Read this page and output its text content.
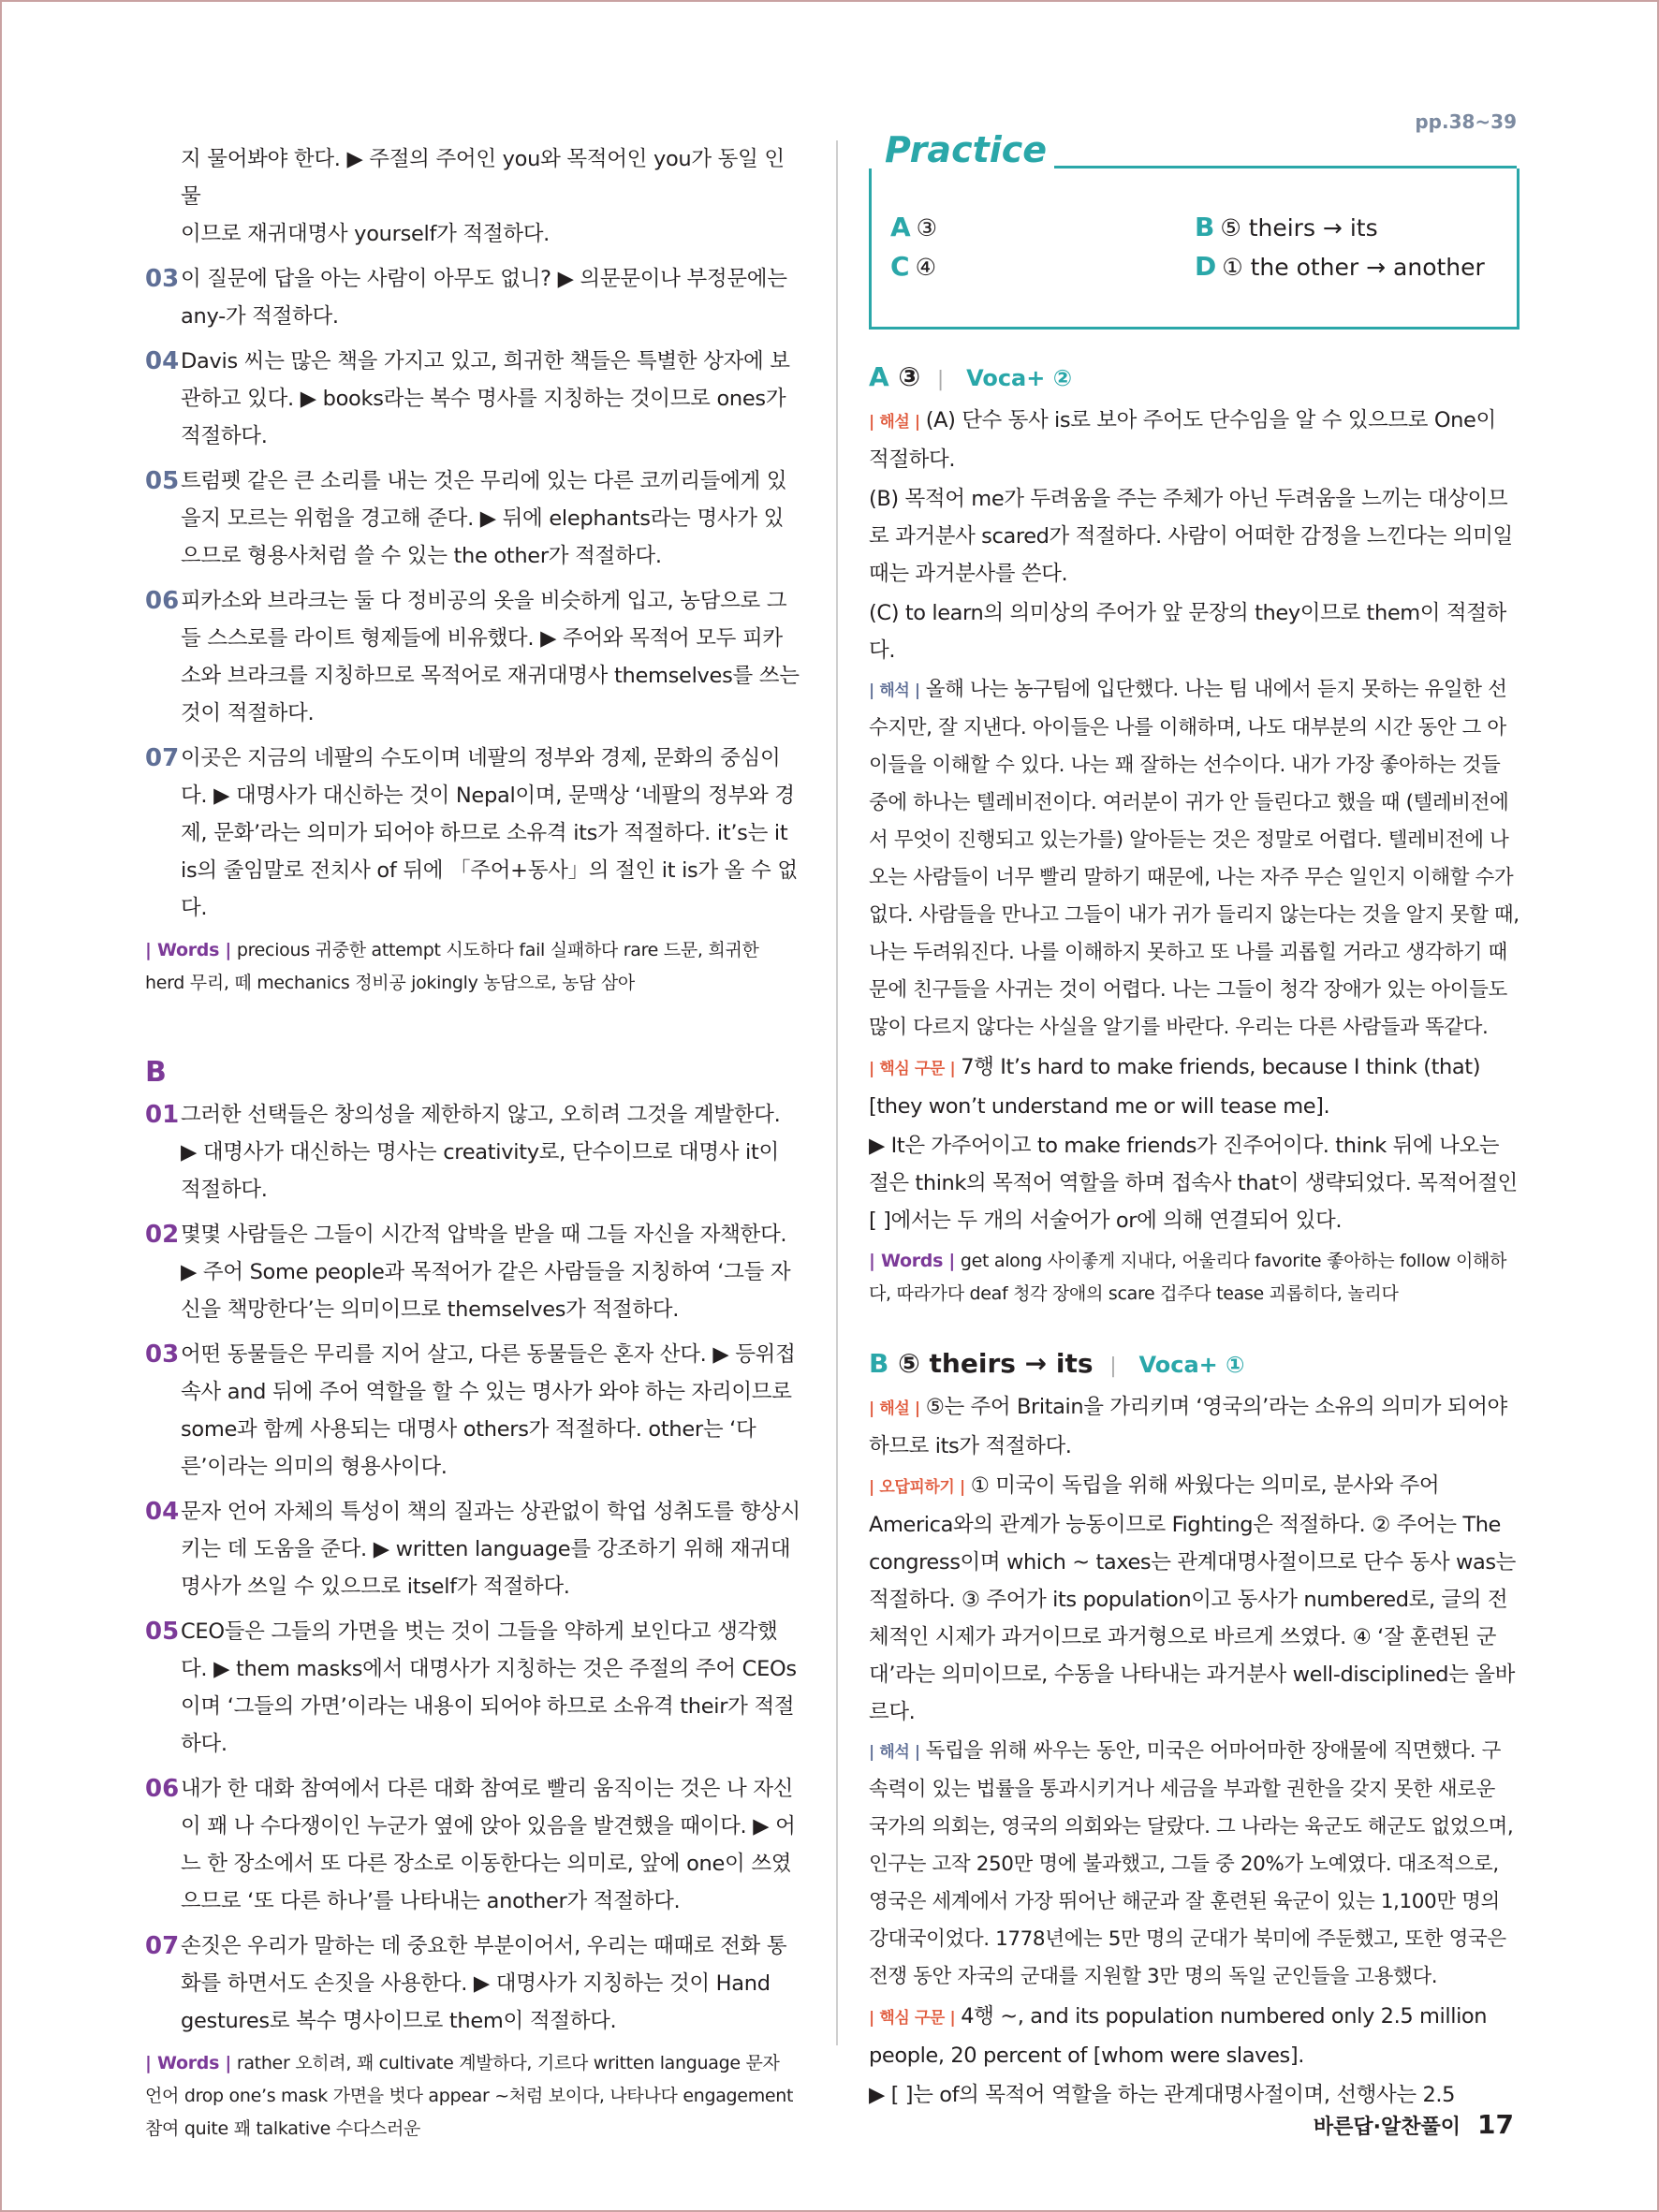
지 물어봐야 한다. ▶ 주절의 주어인 you와 목적어인 you가 동일 인물
이므로 재귀대명사 yourself가 적절하다.
03 이 질문에 답을 아는 사람이 아무도 없니? ▶ 의문문이나 부정문에는 any-가 적절하다.
04 Davis 씨는 많은 책을 가지고 있고, 희귀한 책들은 특별한 상자에 보관하고 있다. ▶ books라는 복수 명사를 지칭하는 것이므로 ones가 적절하다.
05 트럼펫 같은 큰 소리를 내는 것은 무리에 있는 다른 코끼리들에게 있을지 모르는 위험을 경고해 준다. ▶ 뒤에 elephants라는 명사가 있으므로 형용사처럼 쓸 수 있는 the other가 적절하다.
06 피카소와 브라크는 둘 다 정비공의 옷을 비슷하게 입고, 농담으로 그들 스스로를 라이트 형제들에 비유했다. ▶ 주어와 목적어 모두 피카소와 브라크를 지칭하므로 목적어로 재귀대명사 themselves를 쓰는 것이 적절하다.
07 이곳은 지금의 네팔의 수도이며 네팔의 정부와 경제, 문화의 중심이다. ▶ 대명사가 대신하는 것이 Nepal이며, 문맥상 ‘네팔의 정부와 경제, 문화’라는 의미가 되어야 하므로 소유격 its가 적절하다. it’s는 it is의 줄임말로 전치사 of 뒤에 「주어+동사」의 절인 it is가 올 수 없다.
| Words | precious 귀중한 attempt 시도하다 fail 실패하다 rare 드문, 희귀한 herd 무리, 떼 mechanics 정비공 jokingly 농담으로, 농담 삼아
B
01 그러한 선택들은 창의성을 제한하지 않고, 오히려 그것을 계발한다. ▶ 대명사가 대신하는 명사는 creativity로, 단수이므로 대명사 it이 적절하다.
02 몇몇 사람들은 그들이 시간적 압박을 받을 때 그들 자신을 자책한다. ▶ 주어 Some people과 목적어가 같은 사람들을 지칭하여 ‘그들 자신을 책망한다’는 의미이므로 themselves가 적절하다.
03 어떤 동물들은 무리를 지어 살고, 다른 동물들은 혼자 산다. ▶ 등위접속사 and 뒤에 주어 역할을 할 수 있는 명사가 와야 하는 자리이므로 some과 함께 사용되는 대명사 others가 적절하다. other는 ‘다른’이라는 의미의 형용사이다.
04 문자 언어 자체의 특성이 책의 질과는 상관없이 학업 성취도를 향상시키는 데 도움을 준다. ▶ written language를 강조하기 위해 재귀대명사가 쓰일 수 있으므로 itself가 적절하다.
05 CEO들은 그들의 가면을 벗는 것이 그들을 약하게 보인다고 생각했다. ▶ them masks에서 대명사가 지칭하는 것은 주절의 주어 CEOs이며 ‘그들의 가면’이라는 내용이 되어야 하므로 소유격 their가 적절하다.
06 내가 한 대화 참여에서 다른 대화 참여로 빨리 움직이는 것은 나 자신이 꽤 나 수다쟁이인 누군가 옆에 앉아 있음을 발견했을 때이다. ▶ 어느 한 장소에서 또 다른 장소로 이동한다는 의미로, 앞에 one이 쓰였으므로 ‘또 다른 하나’를 나타내는 another가 적절하다.
07 손짓은 우리가 말하는 데 중요한 부분이어서, 우리는 때때로 전화 통화를 하면서도 손짓을 사용한다. ▶ 대명사가 지칭하는 것이 Hand gestures로 복수 명사이므로 them이 적절하다.
| Words | rather 오히려, 꽤 cultivate 계발하다, 기르다 written language 문자 언어 drop one’s mask 가면을 벗다 appear ~처럼 보이다, 나타나다 engagement 참여 quite 꽤 talkative 수다스러운
Practice
pp.38~39
A ③	B ⑤ theirs → its
C ④	D ① the other → another
A ③ | Voca+ ②
| 해설 | (A) 단수 동사 is로 보아 주어도 단수임을 알 수 있으므로 One이 적절하다.
(B) 목적어 me가 두려움을 주는 주체가 아닌 두려움을 느끼는 대상이므로 과거분사 scared가 적절하다. 사람이 어떠한 감정을 느낀다는 의미일 때는 과거분사를 쓴다.
(C) to learn의 의미상의 주어가 앞 문장의 they이므로 them이 적절하다.
| 해석 | 올해 나는 농구팀에 입단했다. 나는 팀 내에서 듣지 못하는 유일한 선수지만, 잘 지낸다. 아이들은 나를 이해하며, 나도 대부분의 시간 동안 그 아이들을 이해할 수 있다. 나는 꽤 잘하는 선수이다. 내가 가장 좋아하는 것들 중에 하나는 텔레비전이다. 여러분이 귀가 안 들린다고 했을 때 (텔레비전에서 무엇이 진행되고 있는가를) 알아듣는 것은 정말로 어렵다. 텔레비전에 나오는 사람들이 너무 빨리 말하기 때문에, 나는 자주 무슨 일인지 이해할 수가 없다. 사람들을 만나고 그들이 내가 귀가 들리지 않는다는 것을 알지 못할 때, 나는 두려워진다. 나를 이해하지 못하고 또 나를 괴롭힐 거라고 생각하기 때문에 친구들을 사귀는 것이 어렵다. 나는 그들이 청각 장애가 있는 아이들도 많이 다르지 않다는 사실을 알기를 바란다. 우리는 다른 사람들과 똑같다.
| 핵심 구문 | 7행 It’s hard to make friends, because I think (that) [they won’t understand me or will tease me].
▶ It은 가주어이고 to make friends가 진주어이다. think 뒤에 나오는 절은 think의 목적어 역할을 하며 접속사 that이 생략되었다. 목적어절인 [ ]에서는 두 개의 서술어가 or에 의해 연결되어 있다.
| Words | get along 사이좋게 지내다, 어울리다 favorite 좋아하는 follow 이해하다, 따라가다 deaf 청각 장애의 scare 겁주다 tease 괴롭히다, 놀리다
B ⑤ theirs → its | Voca+ ①
| 해설 | ⑤는 주어 Britain을 가리키며 ‘영국의’라는 소유의 의미가 되어야 하므로 its가 적절하다.
| 오답피하기 | ① 미국이 독립을 위해 싸웠다는 의미로, 분사와 주어 America와의 관계가 능동이므로 Fighting은 적절하다. ② 주어는 The congress이며 which ~ taxes는 관계대명사절이므로 단수 동사 was는 적절하다. ③ 주어가 its population이고 동사가 numbered로, 글의 전체적인 시제가 과거이므로 과거형으로 바르게 쓰였다. ④ ‘잘 훈련된 군대’라는 의미이므로, 수동을 나타내는 과거분사 well-disciplined는 올바르다.
| 해석 | 독립을 위해 싸우는 동안, 미국은 어마어마한 장애물에 직면했다. 구속력이 있는 법률을 통과시키거나 세금을 부과할 권한을 갖지 못한 새로운 국가의 의회는, 영국의 의회와는 달랐다. 그 나라는 육군도 해군도 없었으며, 인구는 고작 250만 명에 불과했고, 그들 중 20%가 노예였다. 대조적으로, 영국은 세계에서 가장 뛰어난 해군과 잘 훈련된 육군이 있는 1,100만 명의 강대국이었다. 1778년에는 5만 명의 군대가 북미에 주둔했고, 또한 영국은 전쟁 동안 자국의 군대를 지원할 3만 명의 독일 군인들을 고용했다.
| 핵심 구문 | 4행 ~, and its population numbered only 2.5 million people, 20 percent of [whom were slaves].
▶ [ ]는 of의 목적어 역할을 하는 관계대명사절이며, 선행사는 2.5
바른답·알찬풀이 17
